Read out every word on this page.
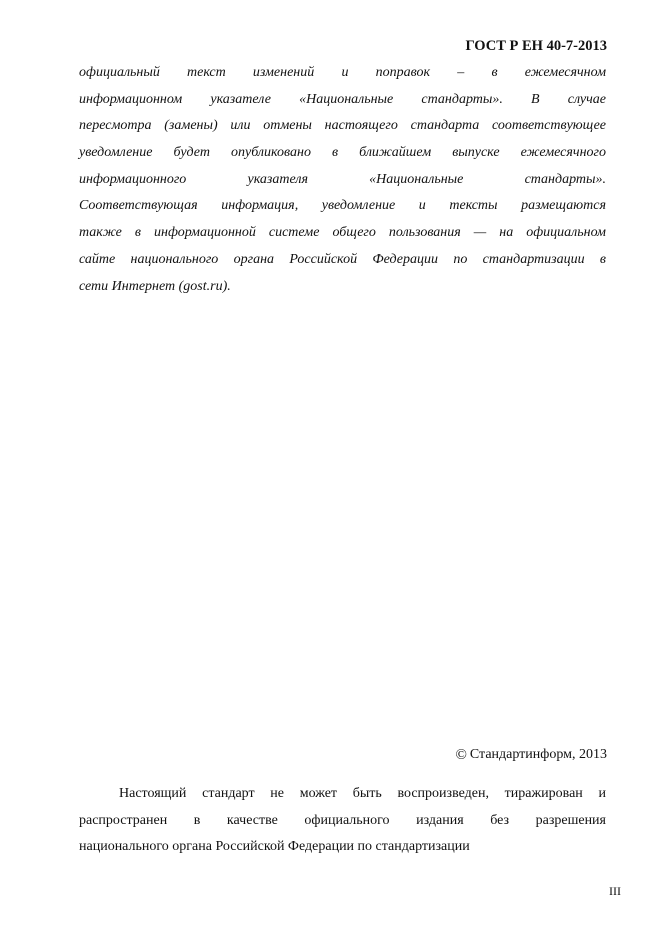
ГОСТ Р ЕН 40-7-2013
официальный текст изменений и поправок – в ежемесячном
информационном указателе «Национальные стандарты». В случае
пересмотра (замены) или отмены настоящего стандарта соответствующее
уведомление будет опубликовано в ближайшем выпуске ежемесячного
информационного указателя «Национальные стандарты».
Соответствующая информация, уведомление и тексты размещаются
также в информационной системе общего пользования — на официальном
сайте национального органа Российской Федерации по стандартизации в
сети Интернет (gost.ru).
© Стандартинформ, 2013
Настоящий стандарт не может быть воспроизведен, тиражирован и
распространен в качестве официального издания без разрешения
национального органа Российской Федерации по стандартизации
III
